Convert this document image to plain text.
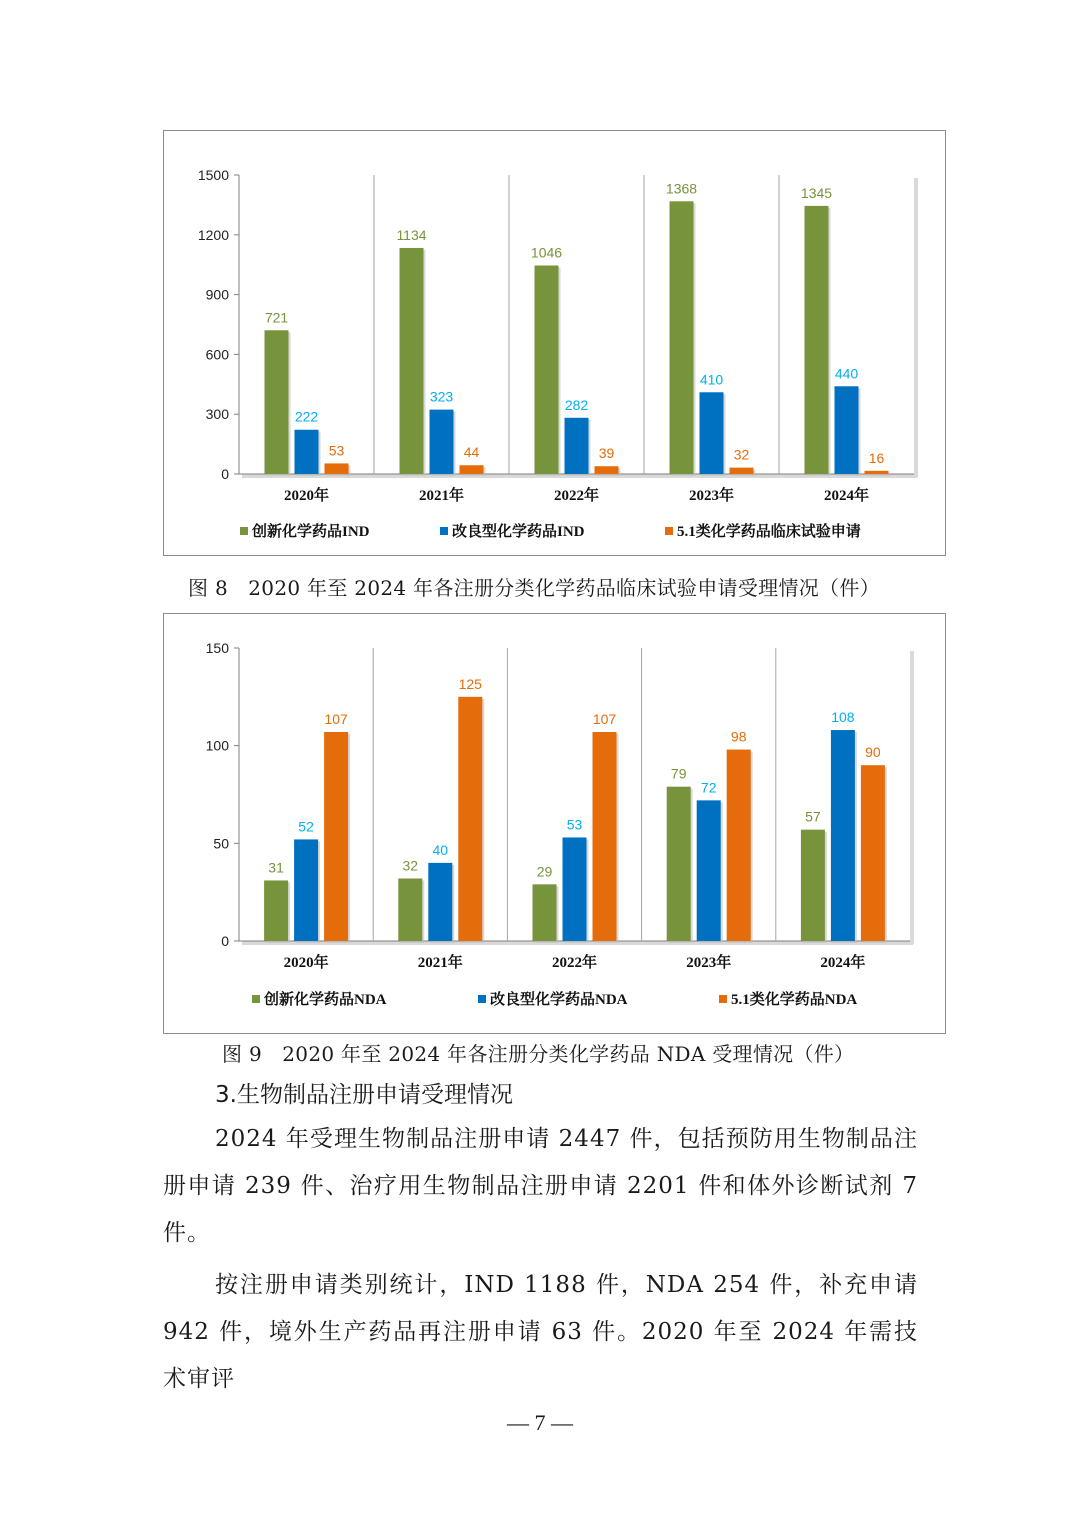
0
300
600
900
1200
1500
721
222
53
2020年
1134
323
44
2021年
1046
282
39
2022年
1368
410
32
2023年
1345
440
16
2024年
创新化学药品IND	改良型化学药品IND	5.1类化学药品临床试验申请
图 8　2020 年至 2024 年各注册分类化学药品临床试验申请受理情况（件）
0
50
100
150
31
52
107
2020年
32
40
125
2021年
29
53
107
2022年
79
72
98
2023年
57
108
90
2024年
创新化学药品NDA	改良型化学药品NDA	5.1类化学药品NDA
图 9　2020 年至 2024 年各注册分类化学药品 NDA 受理情况（件）
3.生物制品注册申请受理情况
2024 年受理生物制品注册申请 2447 件，包括预防用生物制品注册申请 239 件、治疗用生物制品注册申请 2201 件和体外诊断试剂 7 件。
按注册申请类别统计，IND 1188 件，NDA 254 件，补充申请 942 件，境外生产药品再注册申请 63 件。2020 年至 2024 年需技术审评
— 7 —
